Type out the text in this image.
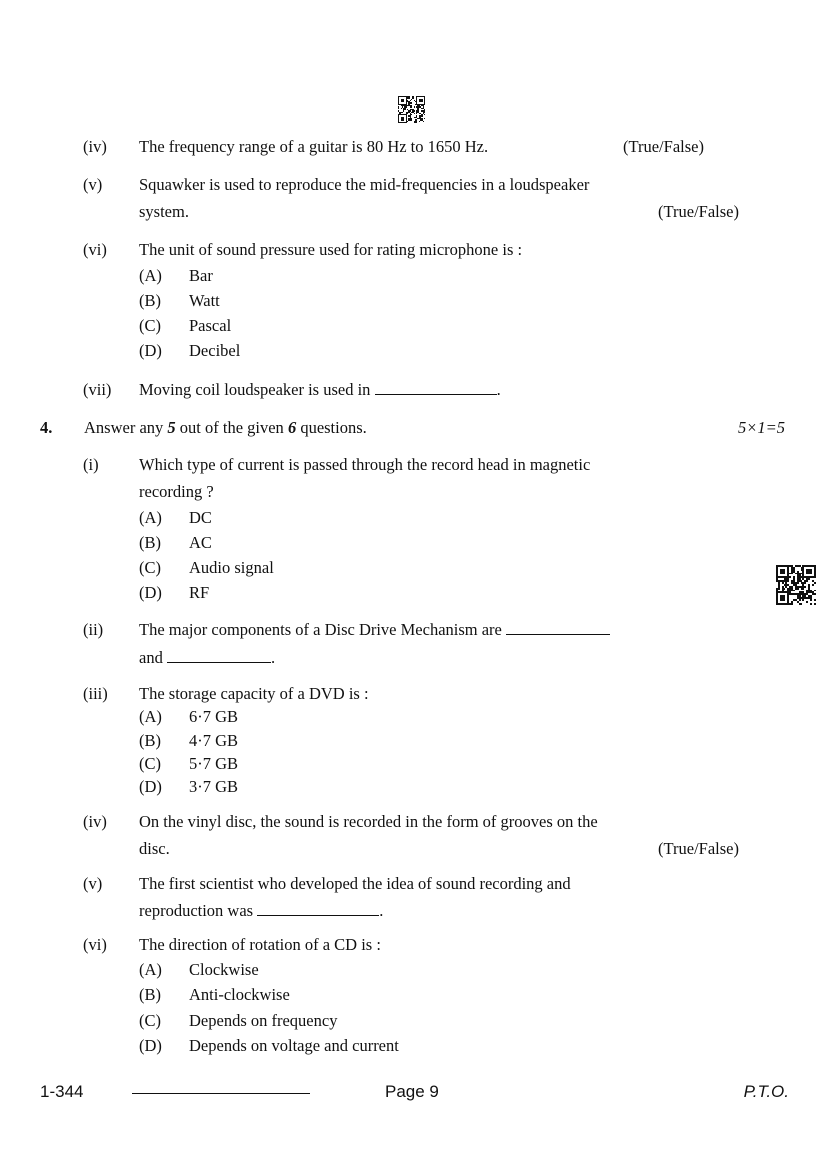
(iv) The frequency range of a guitar is 80 Hz to 1650 Hz.	(True/False)
(v) Squawker is used to reproduce the mid-frequencies in a loudspeaker
system.	(True/False)
(vi) The unit of sound pressure used for rating microphone is :
(A) Bar
(B) Watt
(C) Pascal
(D) Decibel
(vii) Moving coil loudspeaker is used in	.
4. Answer any 5 out of the given 6 questions.	5×1=5
(i) Which type of current is passed through the record head in magnetic
recording ?
(A) DC
(B) AC
(C) Audio signal
(D) RF
(ii) The major components of a Disc Drive Mechanism are
and	.
(iii) The storage capacity of a DVD is :
(A) 6·7 GB
(B) 4·7 GB
(C) 5·7 GB
(D) 3·7 GB
(iv) On the vinyl disc, the sound is recorded in the form of grooves on the
disc.	(True/False)
(v) The first scientist who developed the idea of sound recording and
reproduction was	.
(vi) The direction of rotation of a CD is :
(A) Clockwise
(B) Anti-clockwise
(C) Depends on frequency
(D) Depends on voltage and current
1-344	Page 9	P.T.O.
